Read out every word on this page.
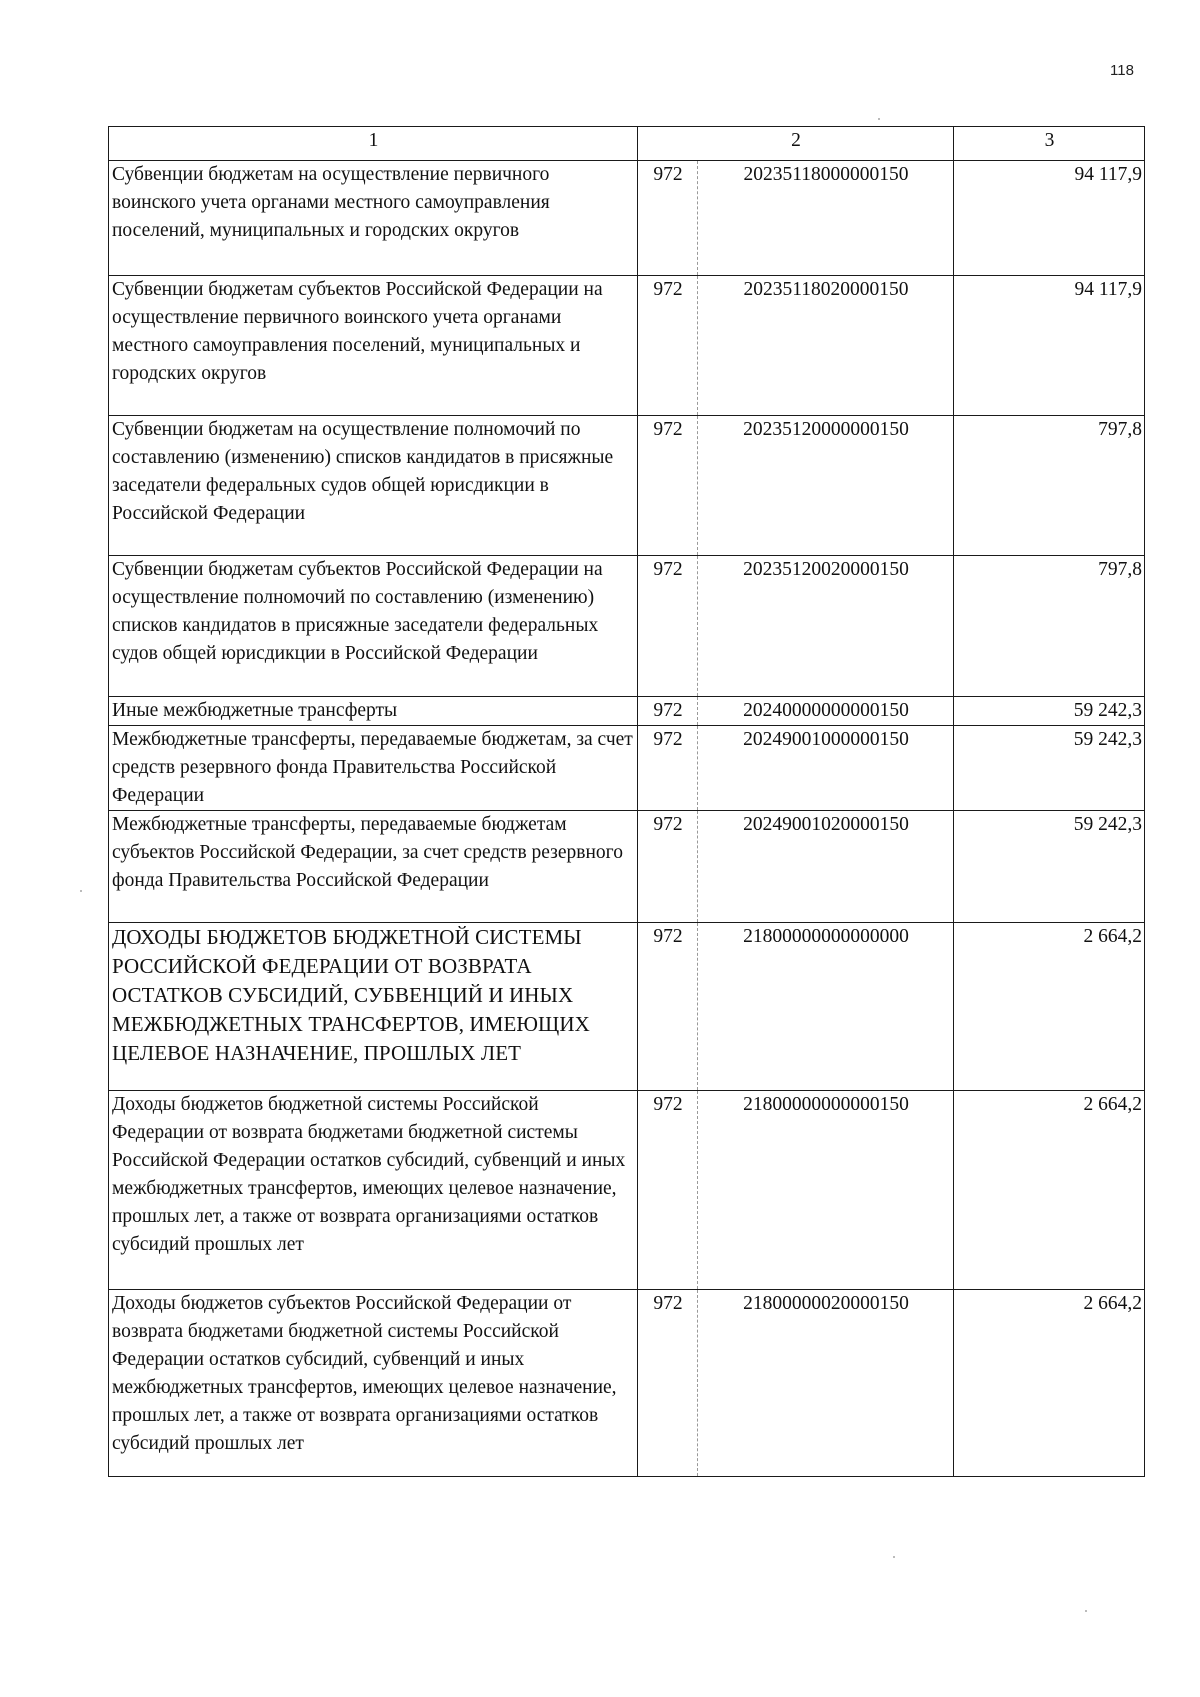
118
1	2		3
Субвенции бюджетам на осуществление первичного воинского учета органами местного самоуправления поселений, муниципальных и городских округов	972	20235118000000150	94 117,9
Субвенции бюджетам субъектов Российской Федерации на осуществление первичного воинского учета органами местного самоуправления поселений, муниципальных и городских округов	972	20235118020000150	94 117,9
Субвенции бюджетам на осуществление полномочий по составлению (изменению) списков кандидатов в присяжные заседатели федеральных судов общей юрисдикции в Российской Федерации	972	20235120000000150	797,8
Субвенции бюджетам субъектов Российской Федерации на осуществление полномочий по составлению (изменению) списков кандидатов в присяжные заседатели федеральных судов общей юрисдикции в Российской Федерации	972	20235120020000150	797,8
Иные межбюджетные трансферты	972	20240000000000150	59 242,3
Межбюджетные трансферты, передаваемые бюджетам, за счет средств резервного фонда Правительства Российской Федерации	972	20249001000000150	59 242,3
Межбюджетные трансферты, передаваемые бюджетам субъектов Российской Федерации, за счет средств резервного фонда Правительства Российской Федерации	972	20249001020000150	59 242,3
ДОХОДЫ БЮДЖЕТОВ БЮДЖЕТНОЙ СИСТЕМЫ РОССИЙСКОЙ ФЕДЕРАЦИИ ОТ ВОЗВРАТА ОСТАТКОВ СУБСИДИЙ, СУБВЕНЦИЙ И ИНЫХ МЕЖБЮДЖЕТНЫХ ТРАНСФЕРТОВ, ИМЕЮЩИХ ЦЕЛЕВОЕ НАЗНАЧЕНИЕ, ПРОШЛЫХ ЛЕТ	972	21800000000000000	2 664,2
Доходы бюджетов бюджетной системы Российской Федерации от возврата бюджетами бюджетной системы Российской Федерации остатков субсидий, субвенций и иных межбюджетных трансфертов, имеющих целевое назначение, прошлых лет, а также от возврата организациями остатков субсидий прошлых лет	972	21800000000000150	2 664,2
Доходы бюджетов субъектов Российской Федерации от возврата бюджетами бюджетной системы Российской Федерации остатков субсидий, субвенций и иных межбюджетных трансфертов, имеющих целевое назначение, прошлых лет, а также от возврата организациями остатков субсидий прошлых лет	972	21800000020000150	2 664,2
